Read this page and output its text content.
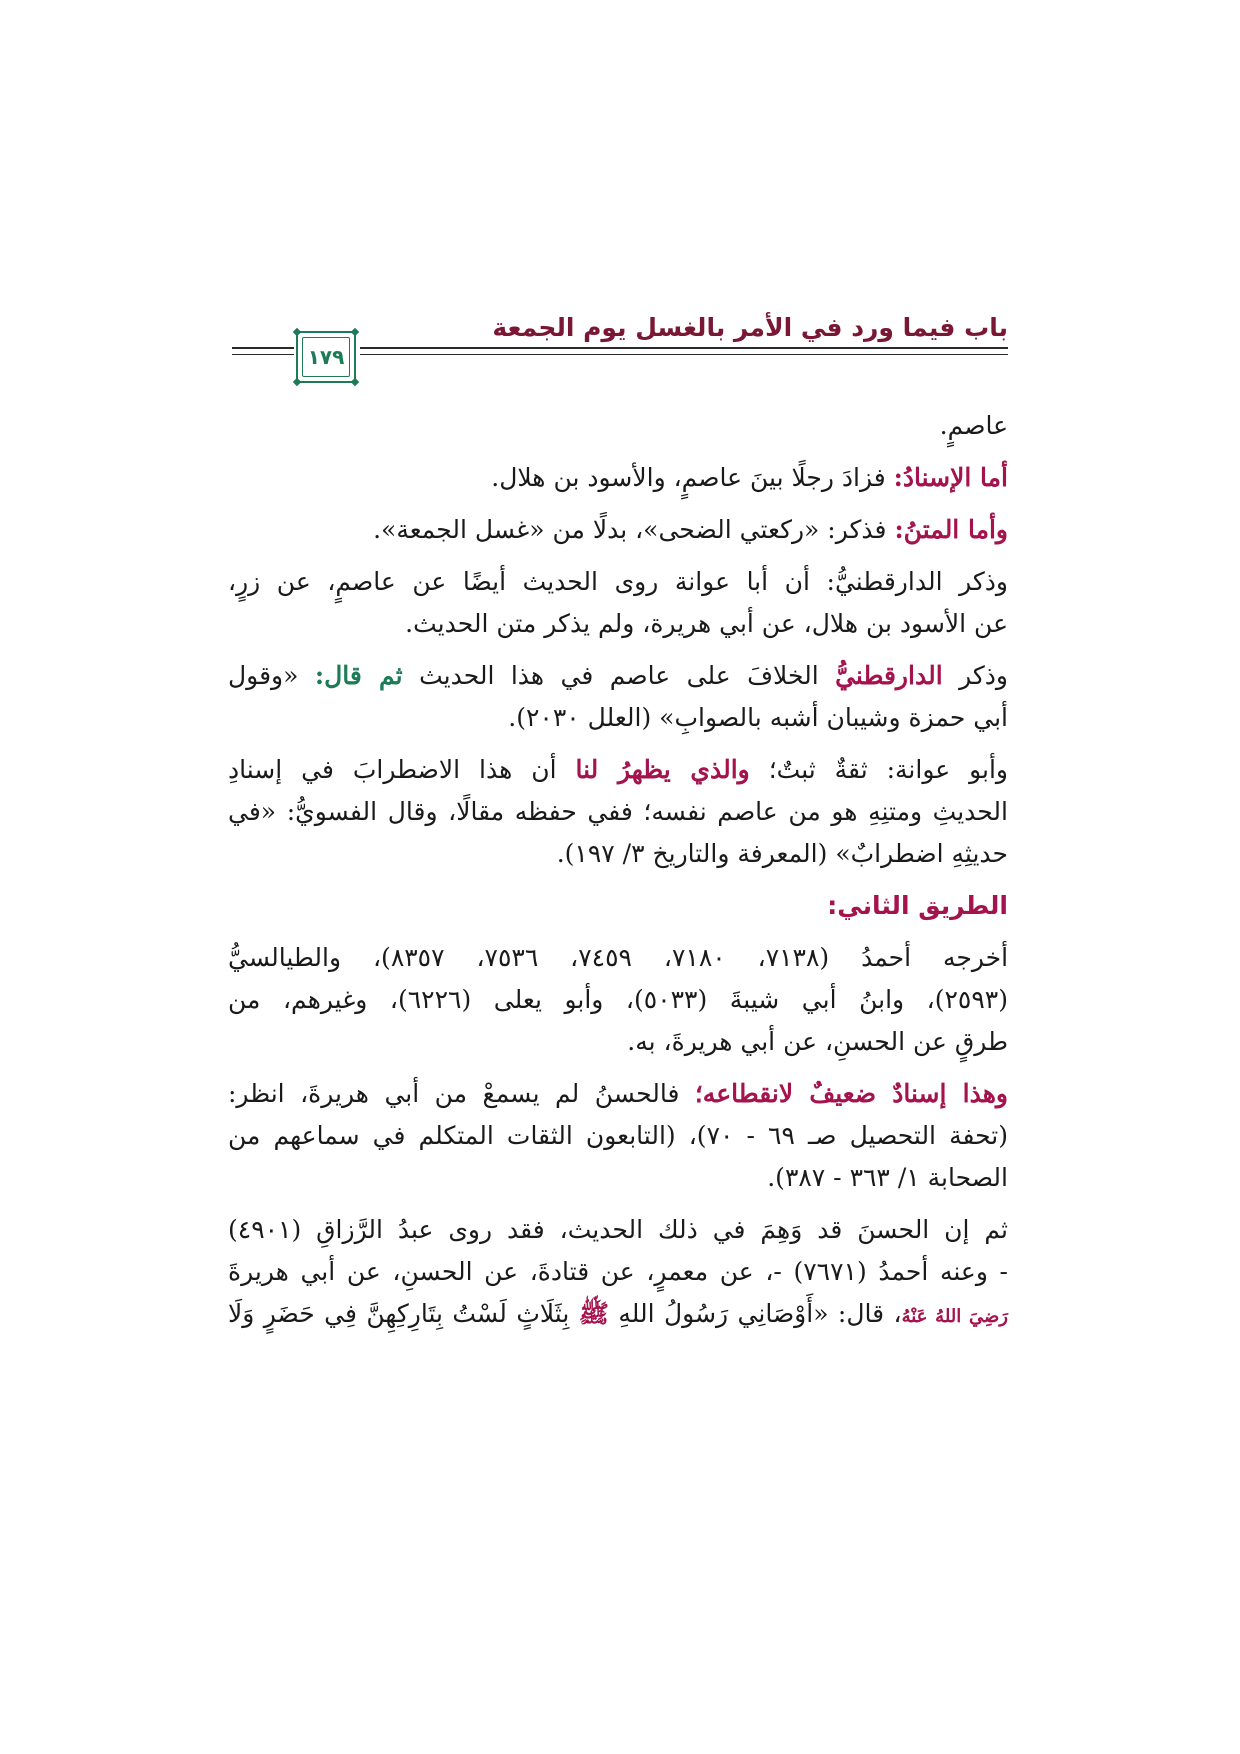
باب فيما ورد في الأمر بالغسل يوم الجمعة
١٧٩
عاصمٍ.
أما الإسنادُ: فزادَ رجلًا بينَ عاصمٍ، والأسود بن هلال.
وأما المتنُ: فذكر: «ركعتي الضحى»، بدلًا من «غسل الجمعة».
وذكر الدارقطنيُّ: أن أبا عوانة روى الحديث أيضًا عن عاصمٍ، عن زرٍ،
عن الأسود بن هلال، عن أبي هريرة، ولم يذكر متن الحديث.
وذكر الدارقطنيُّ الخلافَ على عاصم في هذا الحديث ثم قال: «وقول
أبي حمزة وشيبان أشبه بالصوابِ» (العلل ٢٠٣٠).
وأبو عوانة: ثقةٌ ثبتٌ؛ والذي يظهرُ لنا أن هذا الاضطرابَ في إسنادِ
الحديثِ ومتنِهِ هو من عاصم نفسه؛ ففي حفظه مقالًا، وقال الفسويُّ: «في
حديثِهِ اضطرابٌ» (المعرفة والتاريخ ٣/ ١٩٧).
الطريق الثاني:
أخرجه أحمدُ (٧١٣٨، ٧١٨٠، ٧٤٥٩، ٧٥٣٦، ٨٣٥٧)، والطيالسيُّ
(٢٥٩٣)، وابنُ أبي شيبةَ (٥٠٣٣)، وأبو يعلى (٦٢٢٦)، وغيرهم، من
طرقٍ عن الحسنِ، عن أبي هريرةَ، به.
وهذا إسنادٌ ضعيفٌ لانقطاعه؛ فالحسنُ لم يسمعْ من أبي هريرةَ، انظر:
(تحفة التحصيل صـ ٦٩ - ٧٠)، (التابعون الثقات المتكلم في سماعهم من
الصحابة ١/ ٣٦٣ - ٣٨٧).
ثم إن الحسنَ قد وَهِمَ في ذلك الحديث، فقد روى عبدُ الرَّزاقِ (٤٩٠١)
- وعنه أحمدُ (٧٦٧١) -، عن معمرٍ، عن قتادةَ، عن الحسنِ، عن أبي هريرةَ
رَضِيَ اللهُ عَنْهُ، قال: «أَوْصَانِي رَسُولُ اللهِ ﷺ بِثَلَاثٍ لَسْتُ بِتَارِكِهِنَّ فِي حَضَرٍ وَلَا
